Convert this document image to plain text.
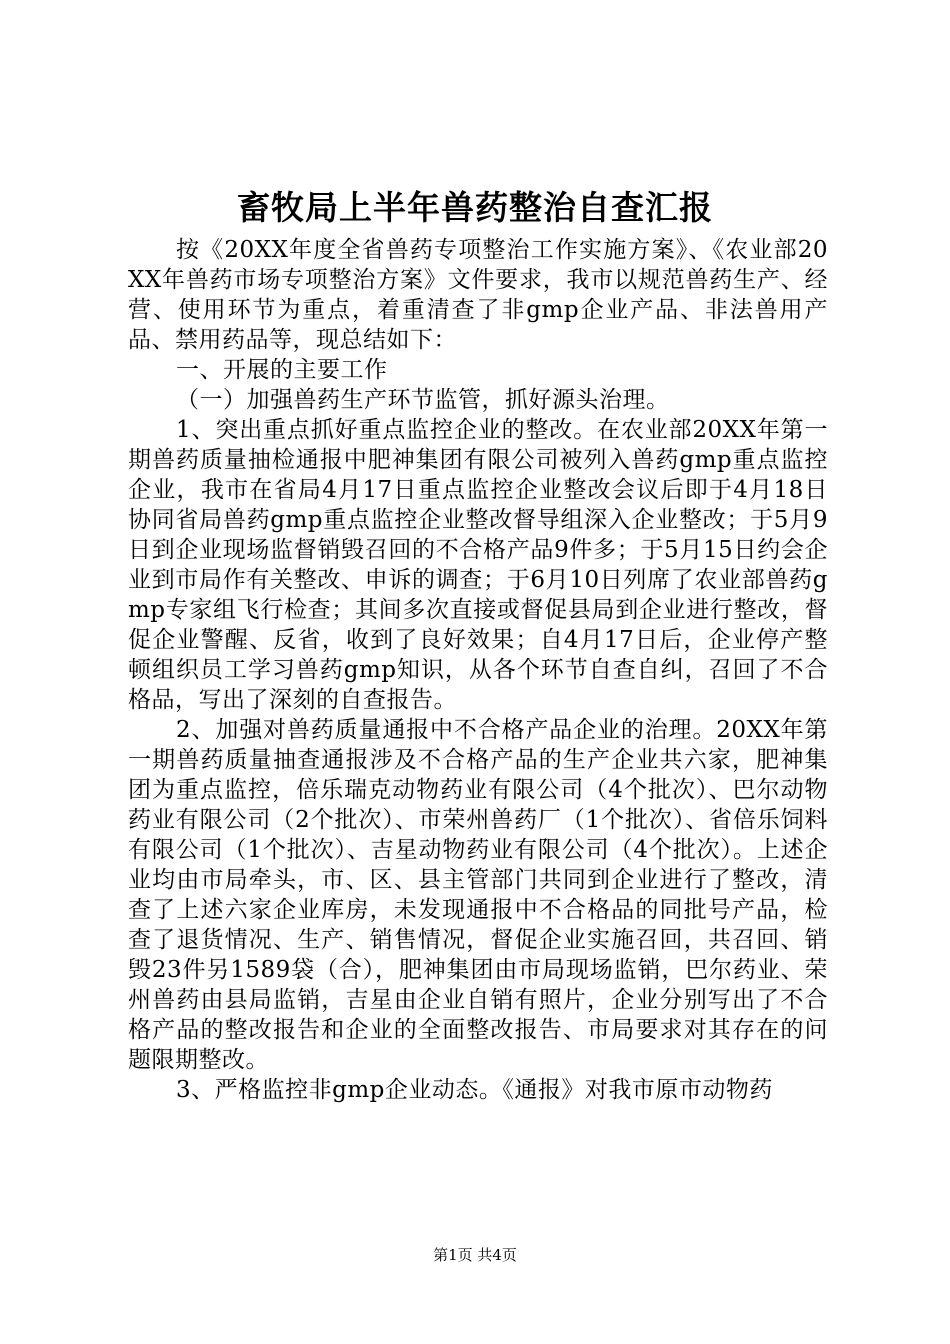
畜牧局上半年兽药整治自查汇报

按《20XX年度全省兽药专项整治工作实施方案》、《农业部20XX年兽药市场专项整治方案》文件要求，我市以规范兽药生产、经营、使用环节为重点，着重清查了非gmp企业产品、非法兽用产品、禁用药品等，现总结如下：

一、开展的主要工作

（一）加强兽药生产环节监管，抓好源头治理。

1、突出重点抓好重点监控企业的整改。在农业部20XX年第一期兽药质量抽检通报中肥神集团有限公司被列入兽药gmp重点监控企业，我市在省局4月17日重点监控企业整改会议后即于4月18日协同省局兽药gmp重点监控企业整改督导组深入企业整改；于5月9日到企业现场监督销毁召回的不合格产品9件多；于5月15日约会企业到市局作有关整改、申诉的调查；于6月10日列席了农业部兽药gmp专家组飞行检查；其间多次直接或督促县局到企业进行整改，督促企业警醒、反省，收到了良好效果；自4月17日后，企业停产整顿组织员工学习兽药gmp知识，从各个环节自查自纠，召回了不合格品，写出了深刻的自查报告。

2、加强对兽药质量通报中不合格产品企业的治理。20XX年第一期兽药质量抽查通报涉及不合格产品的生产企业共六家，肥神集团为重点监控，倍乐瑞克动物药业有限公司（4个批次）、巴尔动物药业有限公司（2个批次）、市荣州兽药厂（1个批次）、省倍乐饲料有限公司（1个批次）、吉星动物药业有限公司（4个批次）。上述企业均由市局牵头，市、区、县主管部门共同到企业进行了整改，清查了上述六家企业库房，未发现通报中不合格品的同批号产品，检查了退货情况、生产、销售情况，督促企业实施召回，共召回、销毁23件另1589袋（合），肥神集团由市局现场监销，巴尔药业、荣州兽药由县局监销，吉星由企业自销有照片，企业分别写出了不合格产品的整改报告和企业的全面整改报告、市局要求对其存在的问题限期整改。

3、严格监控非gmp企业动态。《通报》对我市原市动物药

第1页 共4页
